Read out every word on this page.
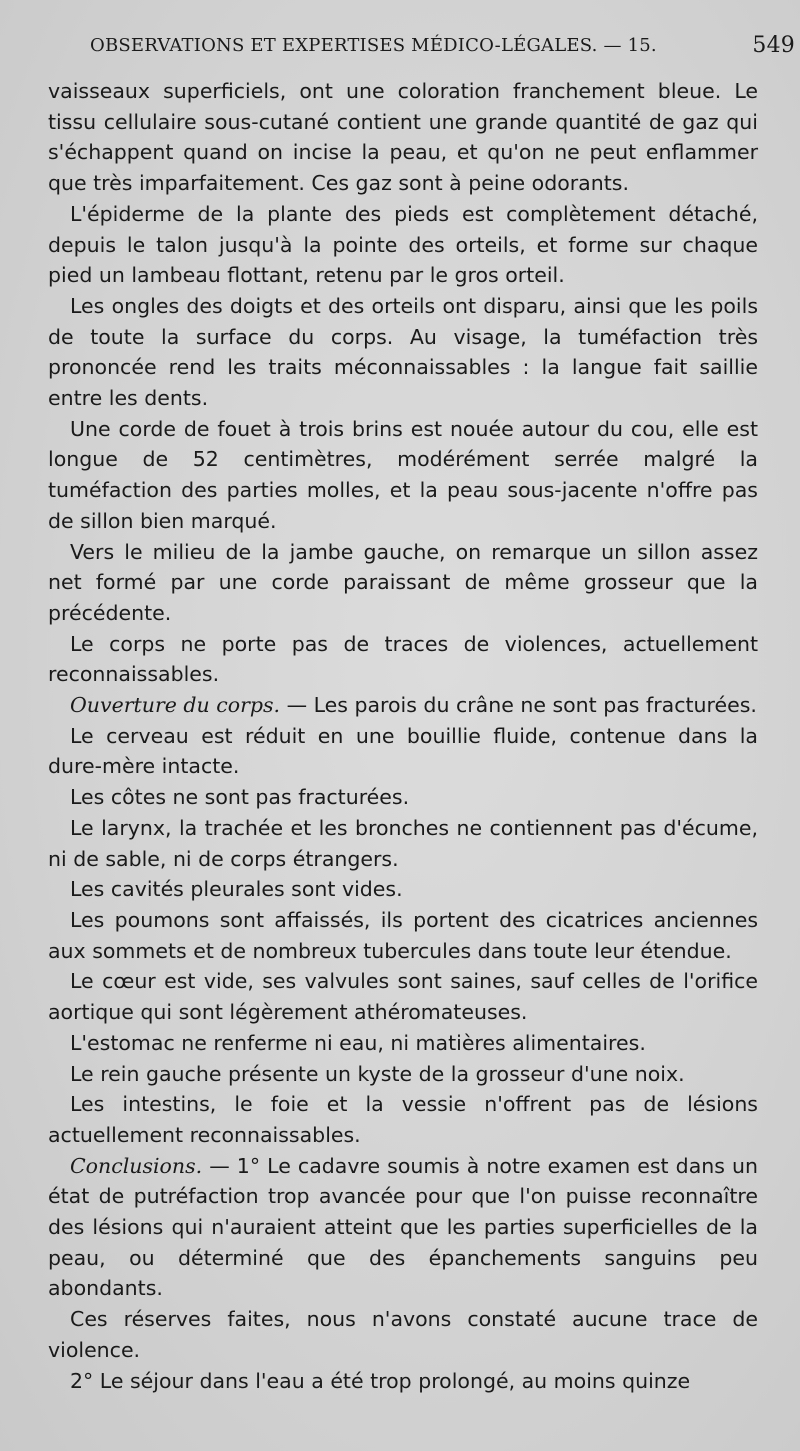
OBSERVATIONS ET EXPERTISES MÉDICO-LÉGALES. — 15.	549

vaisseaux superficiels, ont une coloration franchement bleue. Le tissu cellulaire sous-cutané contient une grande quantité de gaz qui s'échappent quand on incise la peau, et qu'on ne peut enflammer que très imparfaitement. Ces gaz sont à peine odorants.

L'épiderme de la plante des pieds est complètement détaché, depuis le talon jusqu'à la pointe des orteils, et forme sur chaque pied un lambeau flottant, retenu par le gros orteil.

Les ongles des doigts et des orteils ont disparu, ainsi que les poils de toute la surface du corps. Au visage, la tuméfaction très prononcée rend les traits méconnaissables : la langue fait saillie entre les dents.

Une corde de fouet à trois brins est nouée autour du cou, elle est longue de 52 centimètres, modérément serrée malgré la tuméfaction des parties molles, et la peau sous-jacente n'offre pas de sillon bien marqué.

Vers le milieu de la jambe gauche, on remarque un sillon assez net formé par une corde paraissant de même grosseur que la précédente.

Le corps ne porte pas de traces de violences, actuellement reconnaissables.

Ouverture du corps. — Les parois du crâne ne sont pas fracturées.

Le cerveau est réduit en une bouillie fluide, contenue dans la dure-mère intacte.

Les côtes ne sont pas fracturées.

Le larynx, la trachée et les bronches ne contiennent pas d'écume, ni de sable, ni de corps étrangers.

Les cavités pleurales sont vides.

Les poumons sont affaissés, ils portent des cicatrices anciennes aux sommets et de nombreux tubercules dans toute leur étendue.

Le cœur est vide, ses valvules sont saines, sauf celles de l'orifice aortique qui sont légèrement athéromateuses.

L'estomac ne renferme ni eau, ni matières alimentaires.

Le rein gauche présente un kyste de la grosseur d'une noix.

Les intestins, le foie et la vessie n'offrent pas de lésions actuellement reconnaissables.

Conclusions. — 1° Le cadavre soumis à notre examen est dans un état de putréfaction trop avancée pour que l'on puisse reconnaître des lésions qui n'auraient atteint que les parties superficielles de la peau, ou déterminé que des épanchements sanguins peu abondants.

Ces réserves faites, nous n'avons constaté aucune trace de violence.

2° Le séjour dans l'eau a été trop prolongé, au moins quinze
